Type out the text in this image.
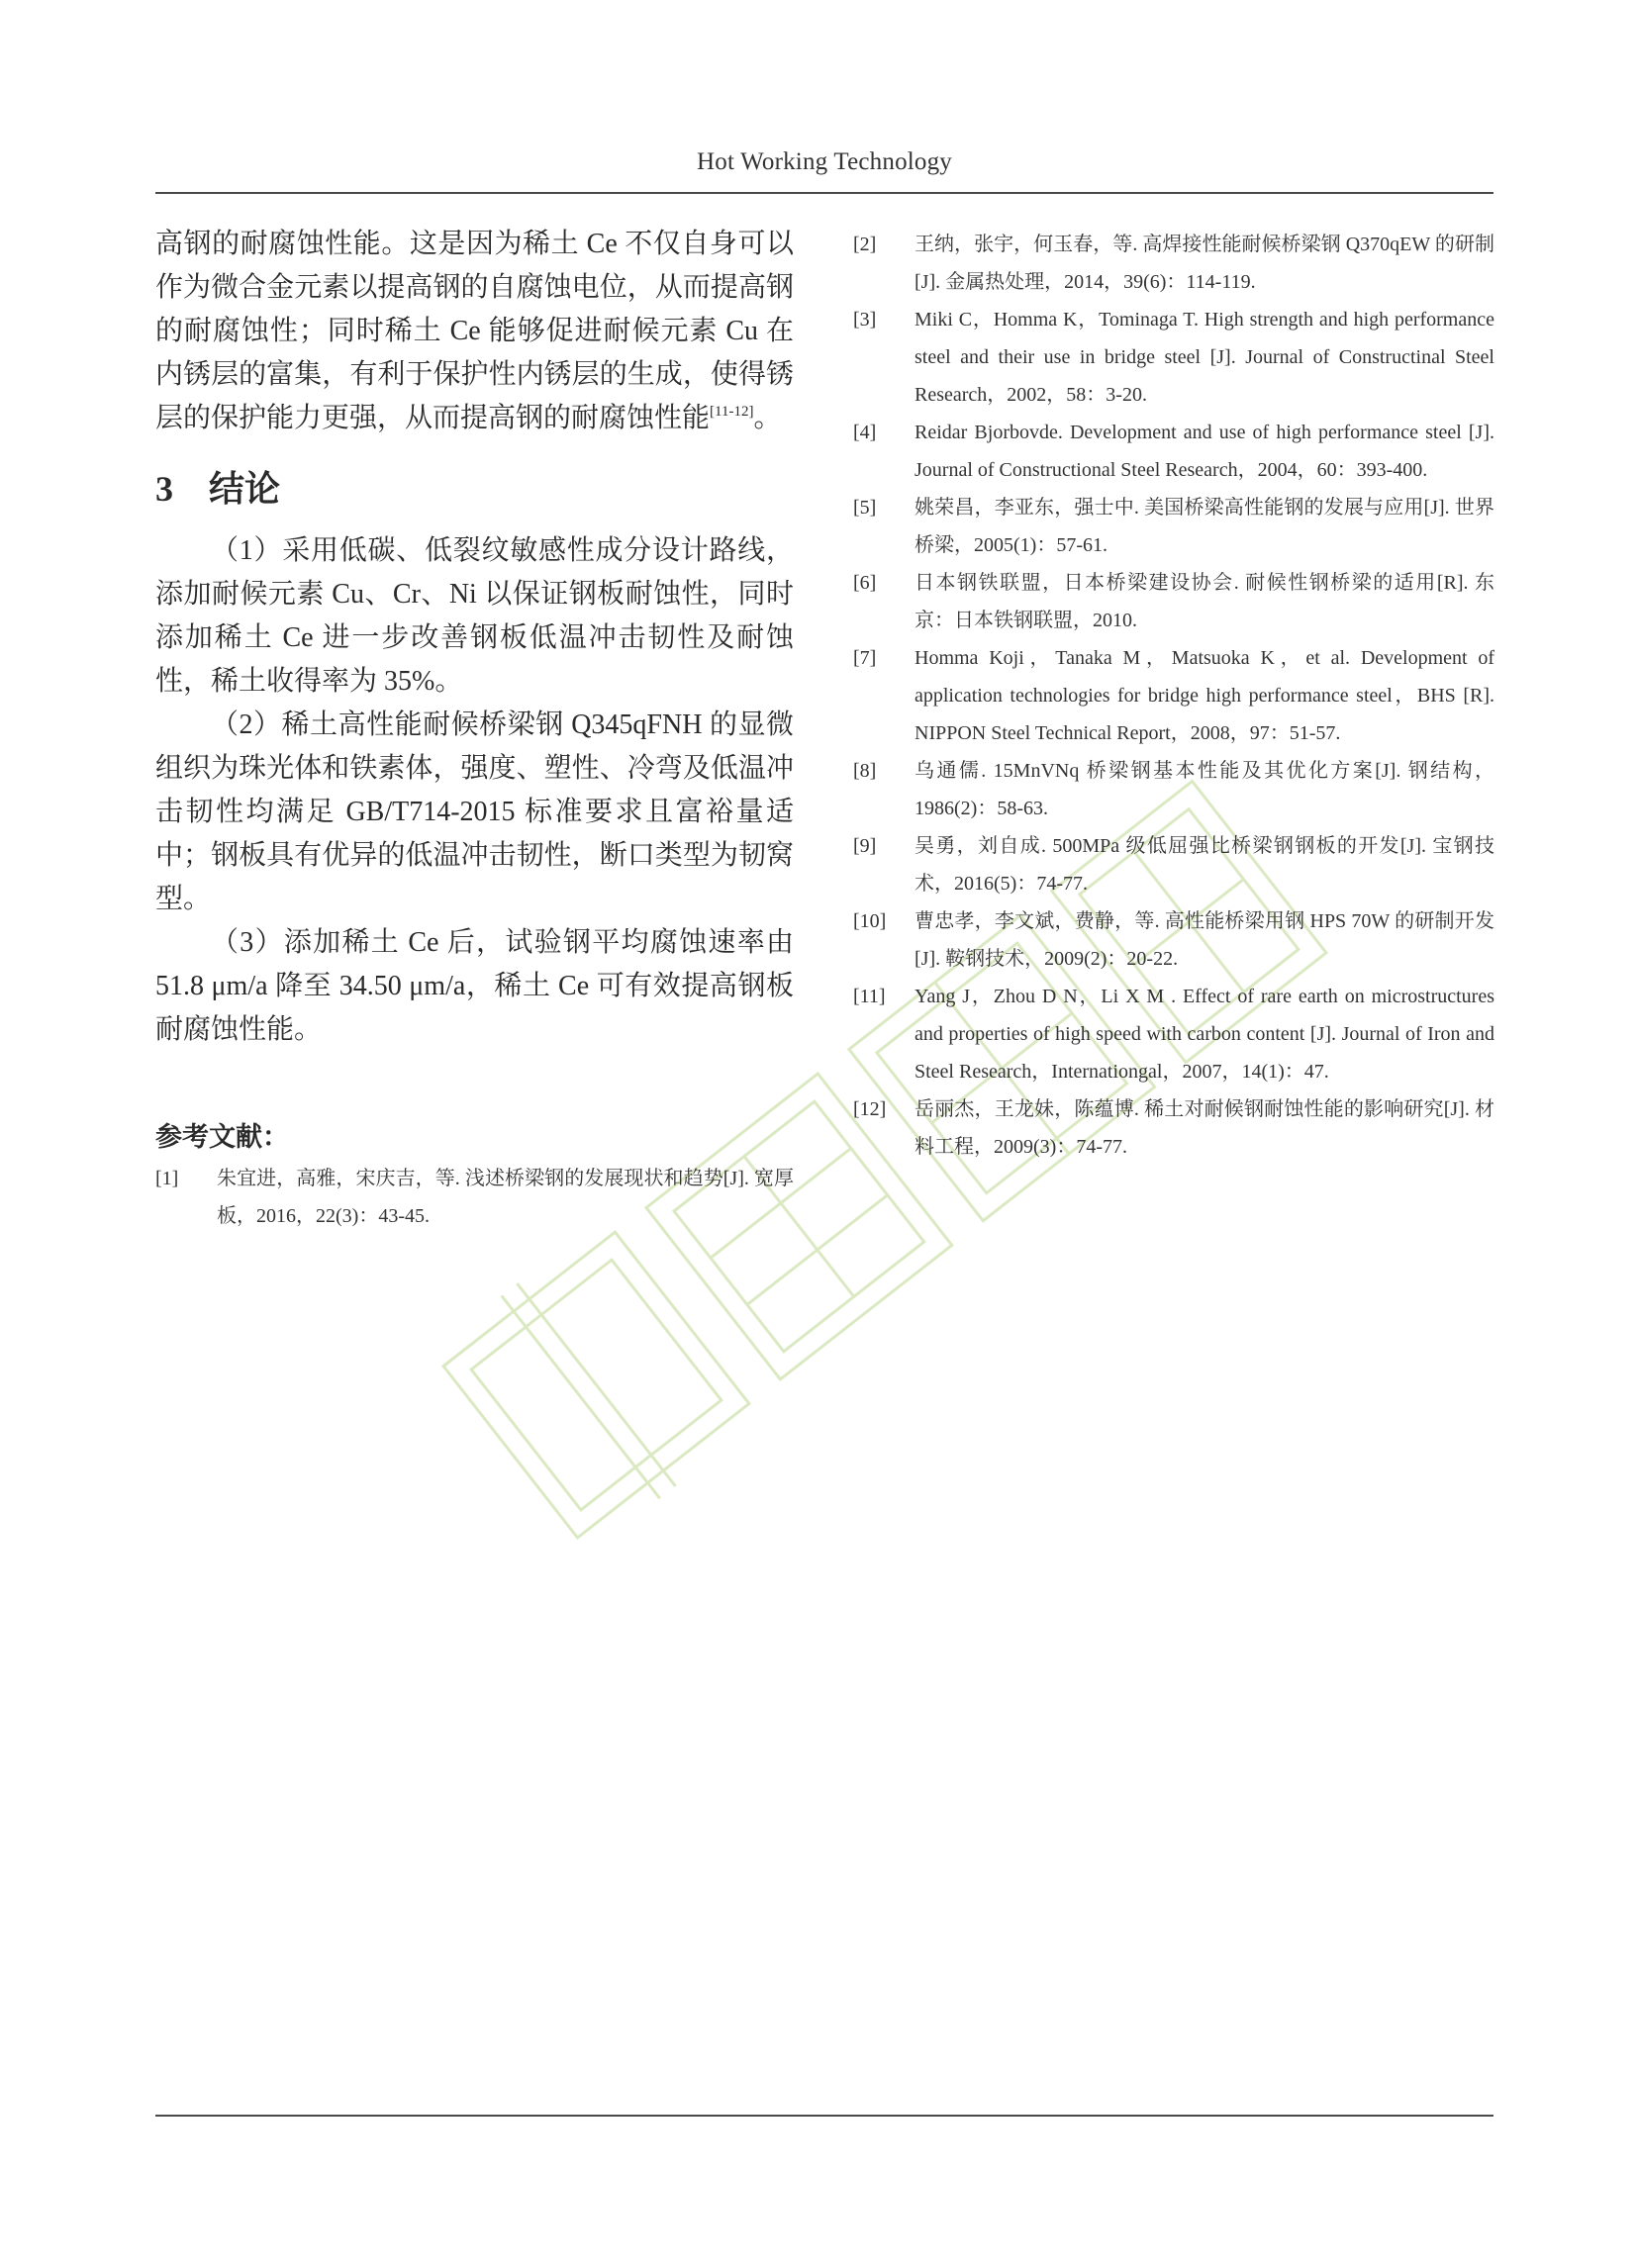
Hot Working Technology

高钢的耐腐蚀性能。这是因为稀土 Ce 不仅自身可以作为微合金元素以提高钢的自腐蚀电位，从而提高钢的耐腐蚀性；同时稀土 Ce 能够促进耐候元素 Cu 在内锈层的富集，有利于保护性内锈层的生成，使得锈层的保护能力更强，从而提高钢的耐腐蚀性能[11-12]。

3 结论

（1）采用低碳、低裂纹敏感性成分设计路线，添加耐候元素 Cu、Cr、Ni 以保证钢板耐蚀性，同时添加稀土 Ce 进一步改善钢板低温冲击韧性及耐蚀性，稀土收得率为 35%。

（2）稀土高性能耐候桥梁钢 Q345qFNH 的显微组织为珠光体和铁素体，强度、塑性、冷弯及低温冲击韧性均满足 GB/T714-2015 标准要求且富裕量适中；钢板具有优异的低温冲击韧性，断口类型为韧窝型。

（3）添加稀土 Ce 后，试验钢平均腐蚀速率由 51.8 μm/a 降至 34.50 μm/a，稀土 Ce 可有效提高钢板耐腐蚀性能。

参考文献：
[1]	朱宜进，高雅，宋庆吉，等. 浅述桥梁钢的发展现状和趋势[J]. 宽厚板，2016，22(3)：43-45.
[2]	王纳，张宇，何玉春，等. 高焊接性能耐候桥梁钢 Q370qEW 的研制[J]. 金属热处理，2014，39(6)：114-119.
[3]	Miki C，Homma K，Tominaga T. High strength and high performance steel and their use in bridge steel [J]. Journal of Constructinal Steel Research，2002，58：3-20.
[4]	Reidar Bjorbovde. Development and use of high performance steel [J]. Journal of Constructional Steel Research，2004，60：393-400.
[5]	姚荣昌，李亚东，强士中. 美国桥梁高性能钢的发展与应用[J]. 世界桥梁，2005(1)：57-61.
[6]	日本钢铁联盟，日本桥梁建设协会. 耐候性钢桥梁的适用[R]. 东京：日本铁钢联盟，2010.
[7]	Homma Koji，Tanaka M，Matsuoka K，et al. Development of application technologies for bridge high performance steel，BHS [R]. NIPPON Steel Technical Report，2008，97：51-57.
[8]	乌通儒. 15MnVNq 桥梁钢基本性能及其优化方案[J]. 钢结构，1986(2)：58-63.
[9]	吴勇，刘自成. 500MPa 级低屈强比桥梁钢钢板的开发[J]. 宝钢技术，2016(5)：74-77.
[10]	曹忠孝，李文斌，费静，等. 高性能桥梁用钢 HPS 70W 的研制开发[J]. 鞍钢技术，2009(2)：20-22.
[11]	Yang J，Zhou D N，Li X M . Effect of rare earth on microstructures and properties of high speed with carbon content [J]. Journal of Iron and Steel Research，Internationgal，2007，14(1)：47.
[12]	岳丽杰，王龙妹，陈蕴博. 稀土对耐候钢耐蚀性能的影响研究[J]. 材料工程，2009(3)：74-77.
